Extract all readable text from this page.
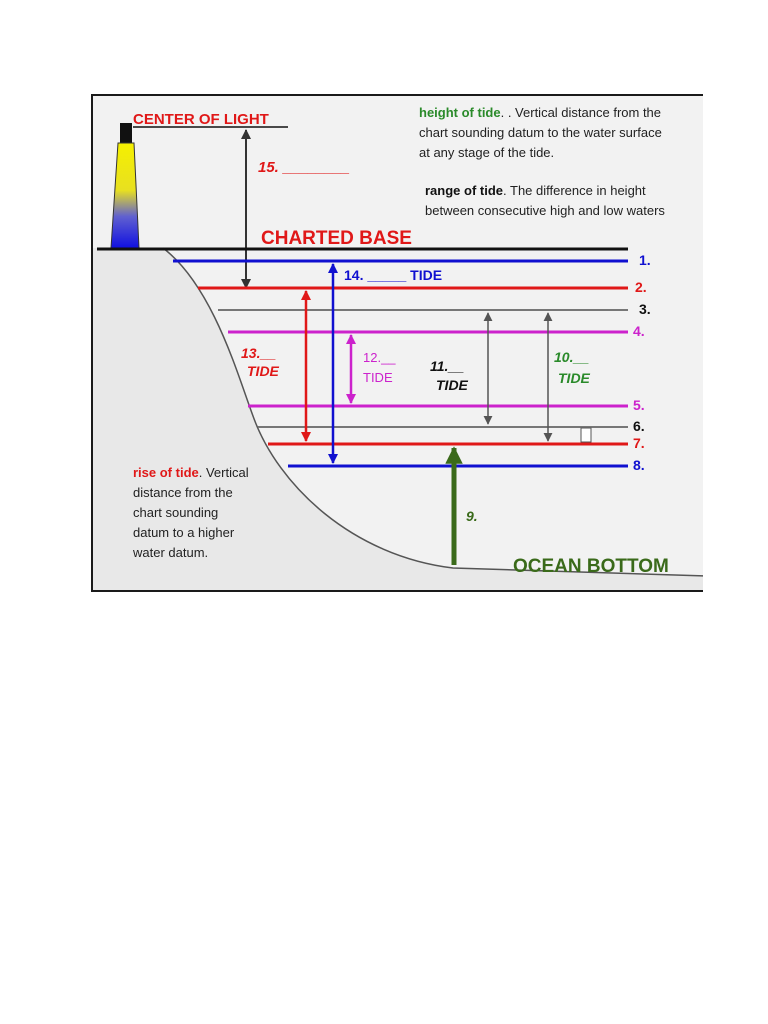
CENTER OF LIGHT
15. ________
height of tide. . Vertical distance from the
chart sounding datum to the water surface
at any stage of the tide.
range of tide. The difference in height
between consecutive high and low waters
rise of tide. Vertical
distance from the
chart sounding
datum to a higher
water datum.
CHARTED BASE
1.
2.
3.
4.
5.
6.
7.
8.
14. _____ TIDE
13.__
TIDE
12.__
TIDE
11.__
TIDE
10.__
TIDE
9.
OCEAN BOTTOM
